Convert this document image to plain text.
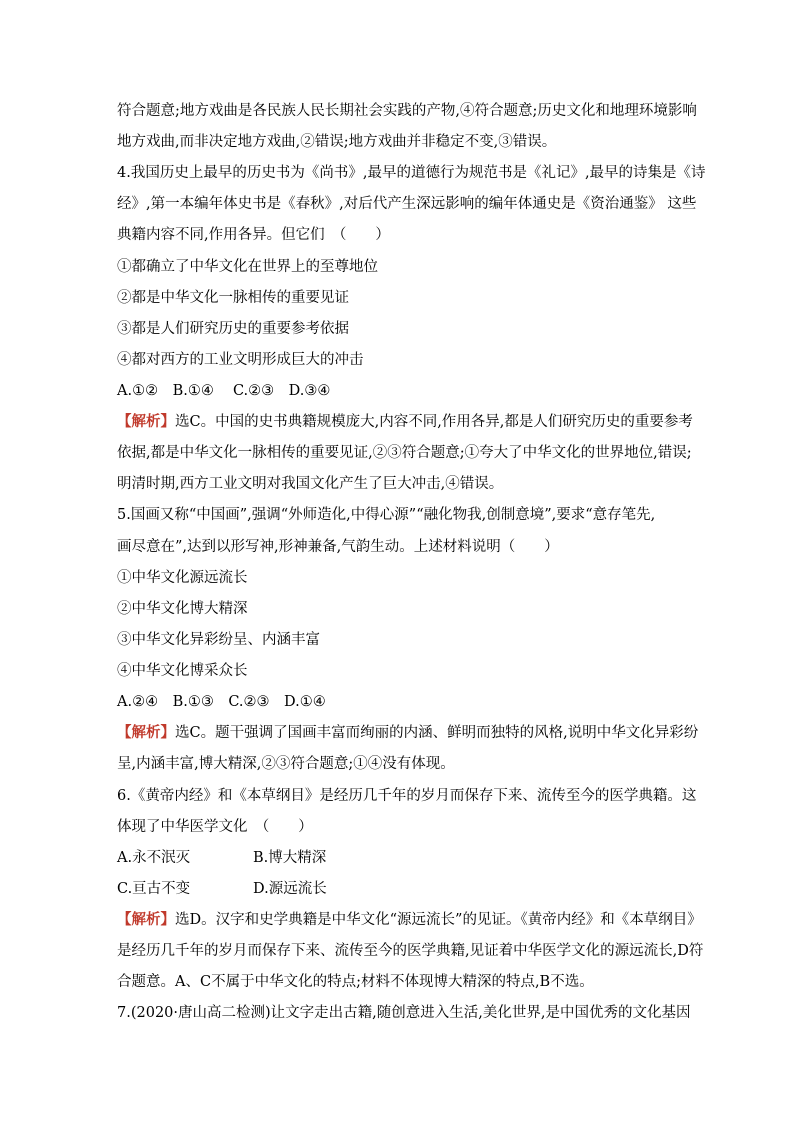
符合题意;地方戏曲是各民族人民长期社会实践的产物,④符合题意;历史文化和地理环境影响
地方戏曲,而非决定地方戏曲,②错误;地方戏曲并非稳定不变,③错误。
4.我国历史上最早的历史书为《尚书》,最早的道德行为规范书是《礼记》,最早的诗集是《诗
经》,第一本编年体史书是《春秋》,对后代产生深远影响的编年体通史是《资治通鉴》 这些
典籍内容不同,作用各异。但它们　（　　）
①都确立了中华文化在世界上的至尊地位
②都是中华文化一脉相传的重要见证
③都是人们研究历史的重要参考依据
④都对西方的工业文明形成巨大的冲击
A.①②　B.①④　 C.②③　D.③④
【解析】选C。中国的史书典籍规模庞大,内容不同,作用各异,都是人们研究历史的重要参考
依据,都是中华文化一脉相传的重要见证,②③符合题意;①夸大了中华文化的世界地位,错误;
明清时期,西方工业文明对我国文化产生了巨大冲击,④错误。
5.国画又称“中国画”,强调“外师造化,中得心源”“融化物我,创制意境”,要求“意存笔先,
画尽意在”,达到以形写神,形神兼备,气韵生动。上述材料说明（　　）
①中华文化源远流长
②中华文化博大精深
③中华文化异彩纷呈、内涵丰富
④中华文化博采众长
A.②④　B.①③　C.②③　D.①④
【解析】选C。题干强调了国画丰富而绚丽的内涵、鲜明而独特的风格,说明中华文化异彩纷
呈,内涵丰富,博大精深,②③符合题意;①④没有体现。
6.《黄帝内经》和《本草纲目》是经历几千年的岁月而保存下来、流传至今的医学典籍。这
体现了中华医学文化　（　　）
A.永不泯灭	B.博大精深
C.亘古不变	D.源远流长
【解析】选D。汉字和史学典籍是中华文化“源远流长”的见证。《黄帝内经》和《本草纲目》
是经历几千年的岁月而保存下来、流传至今的医学典籍,见证着中华医学文化的源远流长,D符
合题意。A、C不属于中华文化的特点;材料不体现博大精深的特点,B不选。
7.(2020·唐山高二检测)让文字走出古籍,随创意进入生活,美化世界,是中国优秀的文化基因
